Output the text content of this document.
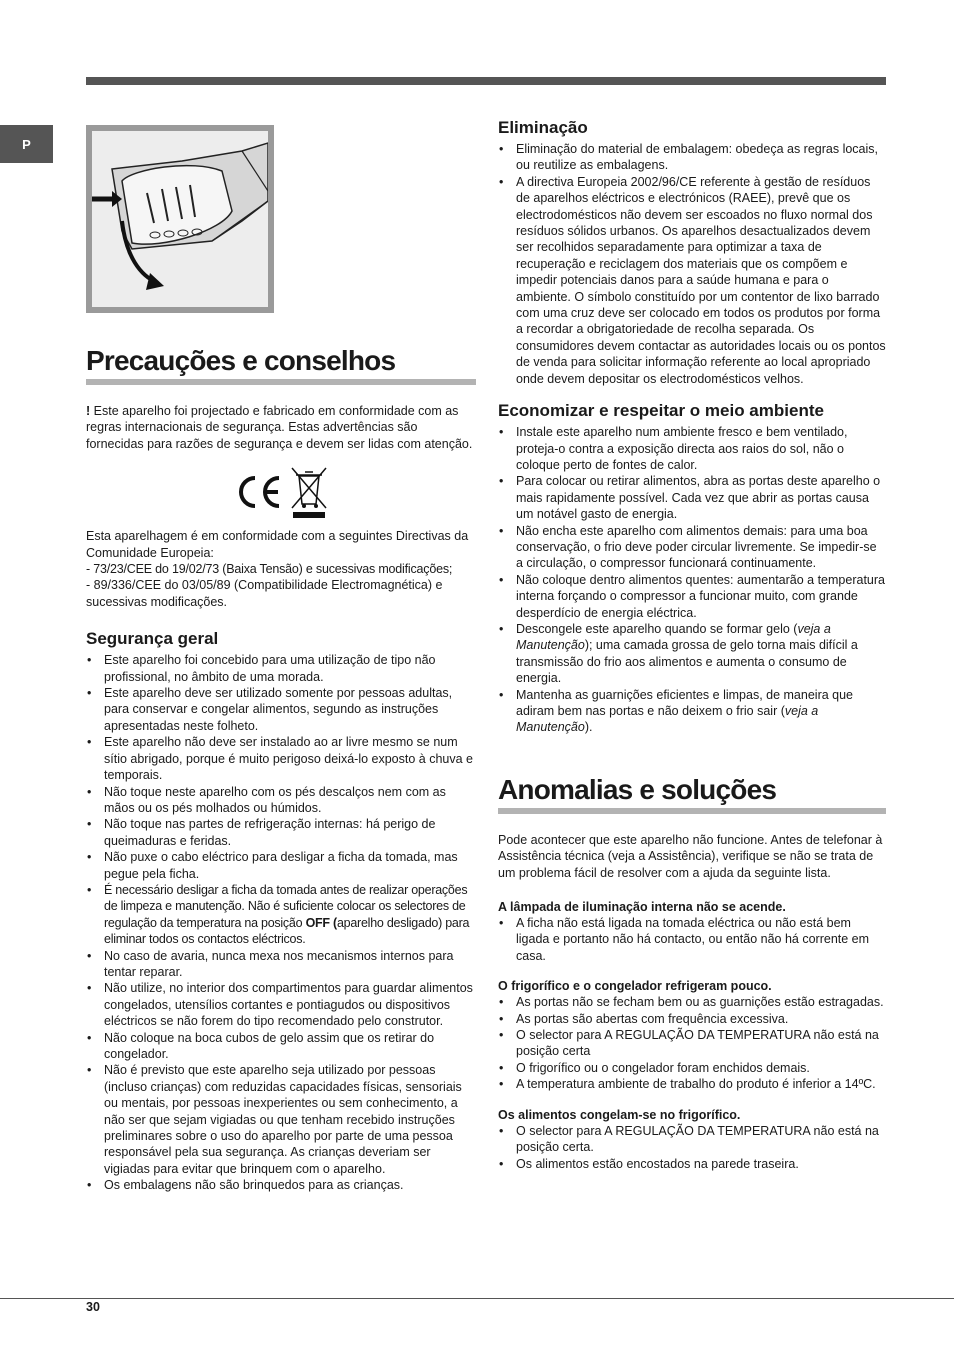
P
Precauções e conselhos

! Este aparelho foi projectado e fabricado em conformidade com as regras internacionais de segurança. Estas advertências são fornecidas para razões de segurança e devem ser lidas com atenção.

Esta aparelhagem é em conformidade com a seguintes Directivas da Comunidade Europeia:

- 73/23/CEE do 19/02/73 (Baixa Tensão) e sucessivas modificações;

- 89/336/CEE do 03/05/89 (Compatibilidade Electromagnética) e sucessivas modificações.

Segurança geral
• Este aparelho foi concebido para uma utilização de tipo não profissional, no âmbito de uma morada.
• Este aparelho deve ser utilizado somente por pessoas adultas, para conservar e congelar alimentos, segundo as instruções apresentadas neste folheto.
• Este aparelho não deve ser instalado ao ar livre mesmo se num sítio abrigado, porque é muito perigoso deixá-lo exposto à chuva e temporais.
• Não toque neste aparelho com os pés descalços nem com as mãos ou os pés molhados ou húmidos.
• Não toque nas partes de refrigeração internas: há perigo de queimaduras e feridas.
• Não puxe o cabo eléctrico para desligar a ficha da tomada, mas pegue pela ficha.
• É necessário desligar a ficha da tomada antes de realizar operações de limpeza e manutenção. Não é suficiente colocar os selectores de regulação da temperatura na posição OFF (aparelho desligado) para eliminar todos os contactos eléctricos.
• No caso de avaria, nunca mexa nos mecanismos internos para tentar reparar.
• Não utilize, no interior dos compartimentos para guardar alimentos congelados, utensílios cortantes e pontiagudos ou dispositivos eléctricos se não forem do tipo recomendado pelo construtor.
• Não coloque na boca cubos de gelo assim que os retirar do congelador.
• Não é previsto que este aparelho seja utilizado por pessoas (incluso crianças) com reduzidas capacidades físicas, sensoriais ou mentais, por pessoas inexperientes ou sem conhecimento, a não ser que sejam vigiadas ou que tenham recebido instruções preliminares sobre o uso do aparelho por parte de uma pessoa responsável pela sua segurança. As crianças deveriam ser vigiadas para evitar que brinquem com o aparelho.
• Os embalagens não são brinquedos para as crianças.
Eliminação
• Eliminação do material de embalagem: obedeça as regras locais, ou reutilize as embalagens.
• A directiva Europeia 2002/96/CE referente à gestão de resíduos de aparelhos eléctricos e electrónicos (RAEE), prevê que os electrodomésticos não devem ser escoados no fluxo normal dos resíduos sólidos urbanos. Os aparelhos desactualizados devem ser recolhidos separadamente para optimizar a taxa de recuperação e reciclagem dos materiais que os compõem e impedir potenciais danos para a saúde humana e para o ambiente. O símbolo constituído por um contentor de lixo barrado com uma cruz deve ser colocado em todos os produtos por forma a recordar a obrigatoriedade de recolha separada. Os consumidores devem contactar as autoridades locais ou os pontos de venda para solicitar informação referente ao local apropriado onde devem depositar os electrodomésticos velhos.
Economizar e respeitar o meio ambiente
• Instale este aparelho num ambiente fresco e bem ventilado, proteja-o contra a exposição directa aos raios do sol, não o coloque perto de fontes de calor.
• Para colocar ou retirar alimentos, abra as portas deste aparelho o mais rapidamente possível. Cada vez que abrir as portas causa um notável gasto de energia.
• Não encha este aparelho com alimentos demais: para uma boa conservação, o frio deve poder circular livremente. Se impedir-se a circulação, o compressor funcionará continuamente.
• Não coloque dentro alimentos quentes: aumentarão a temperatura interna forçando o compressor a funcionar muito, com grande desperdício de energia eléctrica.
• Descongele este aparelho quando se formar gelo (veja a Manutenção); uma camada grossa de gelo torna mais difícil a transmissão do frio aos alimentos e aumenta o consumo de energia.
• Mantenha as guarnições eficientes e limpas, de maneira que adiram bem nas portas e não deixem o frio sair (veja a Manutenção).
Anomalias e soluções

Pode acontecer que este aparelho não funcione. Antes de telefonar à Assistência técnica (veja a Assistência), verifique se não se trata de um problema fácil de resolver com a ajuda da seguinte lista.

A lâmpada de iluminação interna não se acende.

• A ficha não está ligada na tomada eléctrica ou não está bem ligada e portanto não há contacto, ou então não há corrente em casa.

O frigorífico e o congelador refrigeram pouco.

• As portas não se fecham bem ou as guarnições estão estragadas.
• As portas são abertas com frequência excessiva.
• O selector para A REGULAÇÃO DA TEMPERATURA não está na posição certa
• O frigorífico ou o congelador foram enchidos demais.
• A temperatura ambiente de trabalho do produto é inferior a 14ºC.

Os alimentos congelam-se no frigorífico.

• O selector para A REGULAÇÃO DA TEMPERATURA não está na posição certa.
• Os alimentos estão encostados na parede traseira.
30
